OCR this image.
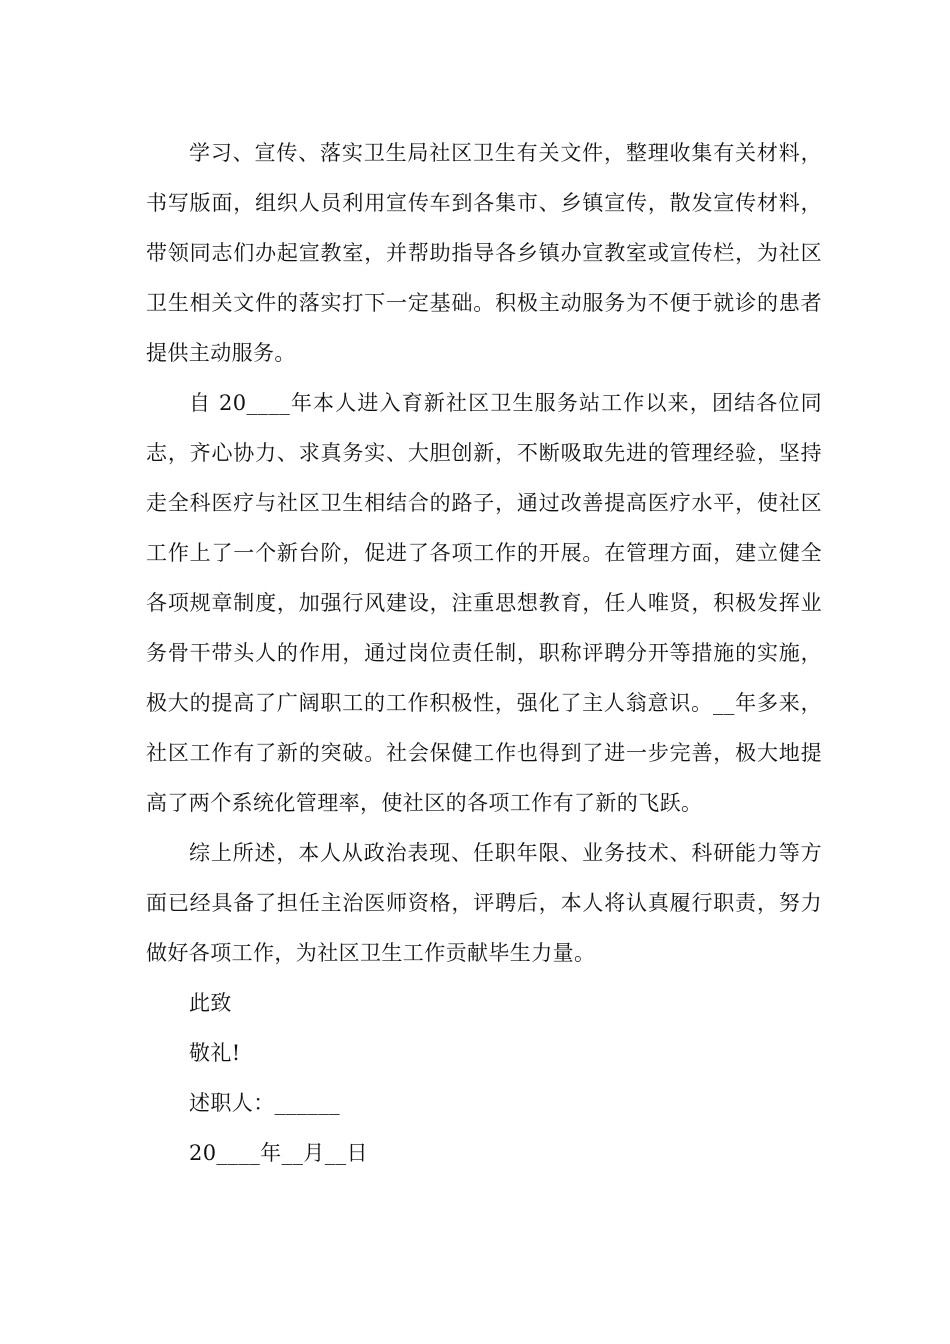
学习、宣传、落实卫生局社区卫生有关文件，整理收集有关材料，书写版面，组织人员利用宣传车到各集市、乡镇宣传，散发宣传材料，带领同志们办起宣教室，并帮助指导各乡镇办宣教室或宣传栏，为社区卫生相关文件的落实打下一定基础。积极主动服务为不便于就诊的患者提供主动服务。

自 20____年本人进入育新社区卫生服务站工作以来，团结各位同志，齐心协力、求真务实、大胆创新，不断吸取先进的管理经验，坚持走全科医疗与社区卫生相结合的路子，通过改善提高医疗水平，使社区工作上了一个新台阶，促进了各项工作的开展。在管理方面，建立健全各项规章制度，加强行风建设，注重思想教育，任人唯贤，积极发挥业务骨干带头人的作用，通过岗位责任制，职称评聘分开等措施的实施，极大的提高了广阔职工的工作积极性，强化了主人翁意识。__年多来，社区工作有了新的突破。社会保健工作也得到了进一步完善，极大地提高了两个系统化管理率，使社区的各项工作有了新的飞跃。

综上所述，本人从政治表现、任职年限、业务技术、科研能力等方面已经具备了担任主治医师资格，评聘后，本人将认真履行职责，努力做好各项工作，为社区卫生工作贡献毕生力量。

此致

敬礼!

述职人：______

20____年__月__日
